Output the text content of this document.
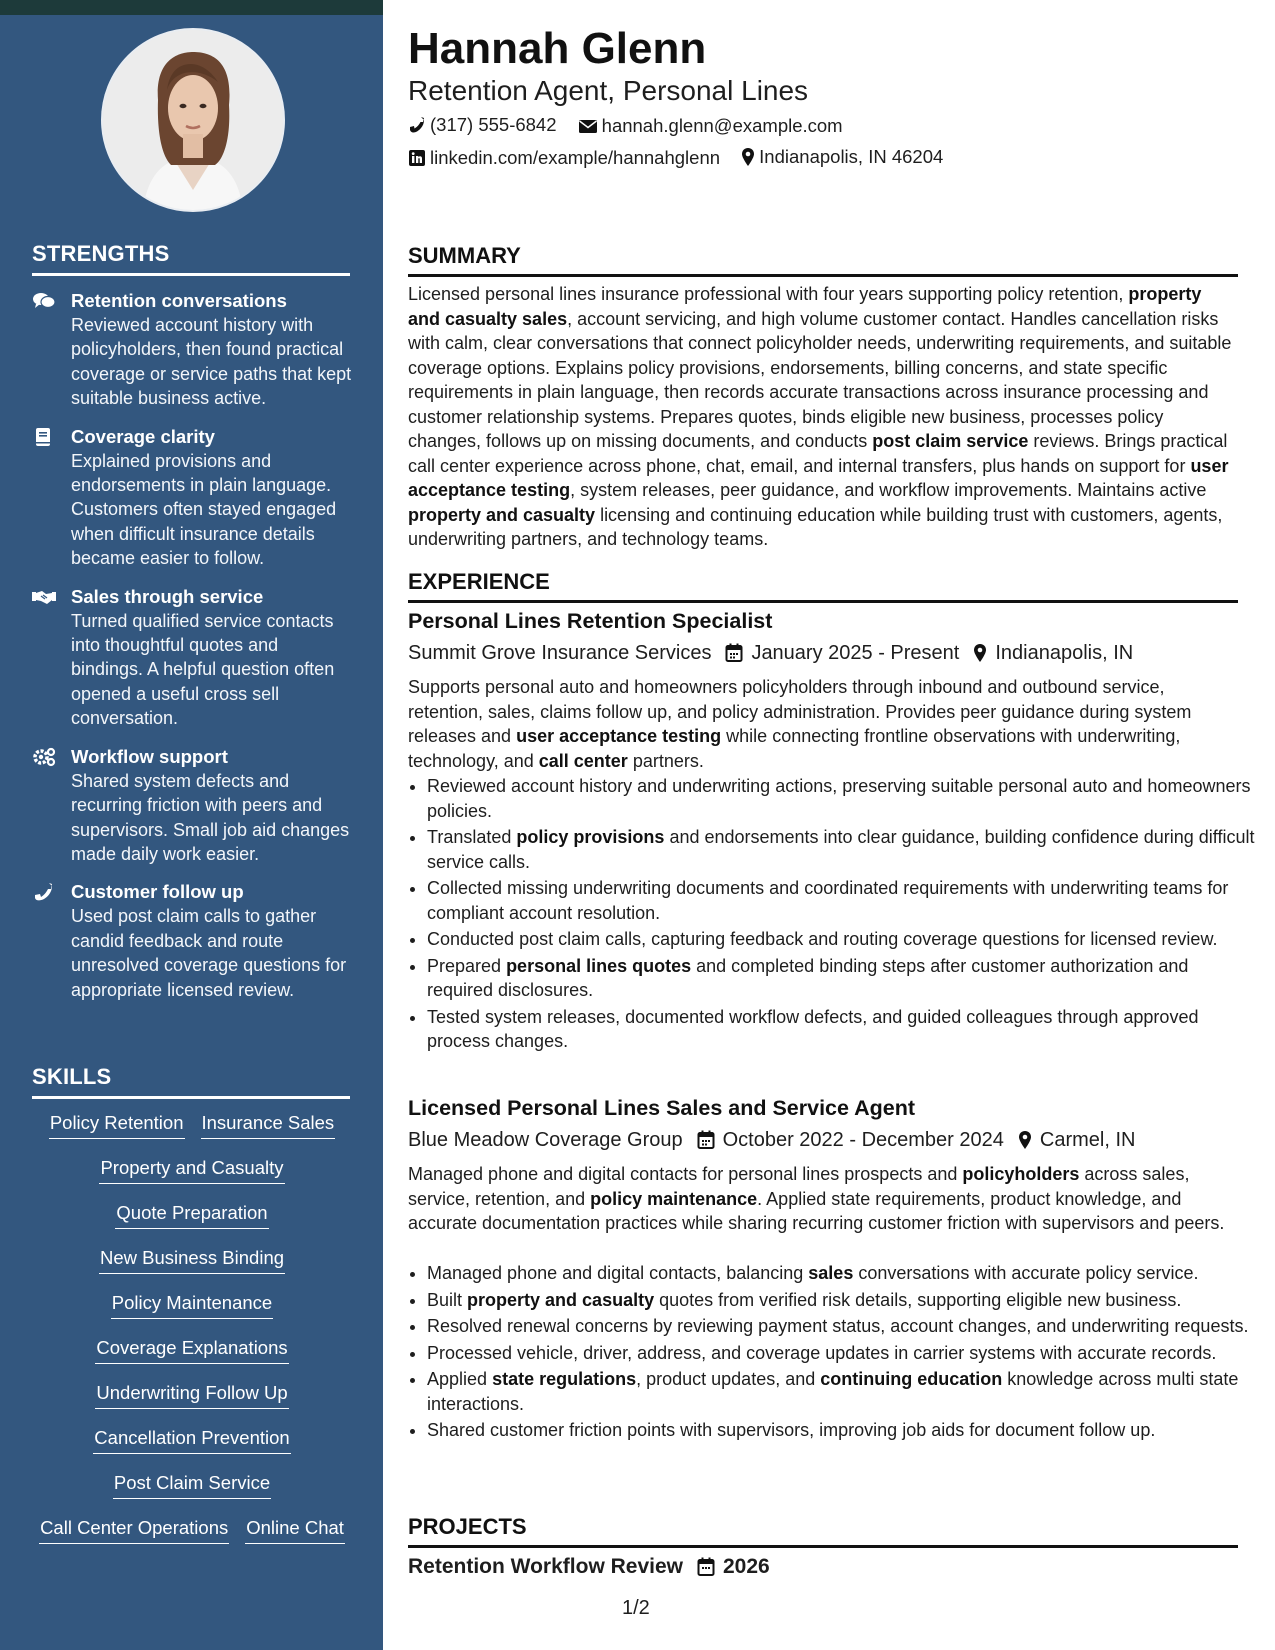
STRENGTHS
Retention conversations
Reviewed account history with policyholders, then found practical coverage or service paths that kept suitable business active.
Coverage clarity
Explained provisions and endorsements in plain language. Customers often stayed engaged when difficult insurance details became easier to follow.
Sales through service
Turned qualified service contacts into thoughtful quotes and bindings. A helpful question often opened a useful cross sell conversation.
Workflow support
Shared system defects and recurring friction with peers and supervisors. Small job aid changes made daily work easier.
Customer follow up
Used post claim calls to gather candid feedback and route unresolved coverage questions for appropriate licensed review.
SKILLS
Policy Retention Insurance Sales
Property and Casualty
Quote Preparation
New Business Binding
Policy Maintenance
Coverage Explanations
Underwriting Follow Up
Cancellation Prevention
Post Claim Service
Call Center Operations Online Chat
Hannah Glenn
Retention Agent, Personal Lines
(317) 555-6842
hannah.glenn@example.com
linkedin.com/example/hannahglenn
Indianapolis, IN 46204
SUMMARY
Licensed personal lines insurance professional with four years supporting policy retention, property and casualty sales, account servicing, and high volume customer contact. Handles cancellation risks with calm, clear conversations that connect policyholder needs, underwriting requirements, and suitable coverage options. Explains policy provisions, endorsements, billing concerns, and state specific requirements in plain language, then records accurate transactions across insurance processing and customer relationship systems. Prepares quotes, binds eligible new business, processes policy changes, follows up on missing documents, and conducts post claim service reviews. Brings practical call center experience across phone, chat, email, and internal transfers, plus hands on support for user acceptance testing, system releases, peer guidance, and workflow improvements. Maintains active property and casualty licensing and continuing education while building trust with customers, agents, underwriting partners, and technology teams.
EXPERIENCE
Personal Lines Retention Specialist
Summit Grove Insurance Services January 2025 - Present Indianapolis, IN
Supports personal auto and homeowners policyholders through inbound and outbound service, retention, sales, claims follow up, and policy administration. Provides peer guidance during system releases and user acceptance testing while connecting frontline observations with underwriting, technology, and call center partners.
• Reviewed account history and underwriting actions, preserving suitable personal auto and homeowners policies.
• Translated policy provisions and endorsements into clear guidance, building confidence during difficult service calls.
• Collected missing underwriting documents and coordinated requirements with underwriting teams for compliant account resolution.
• Conducted post claim calls, capturing feedback and routing coverage questions for licensed review.
• Prepared personal lines quotes and completed binding steps after customer authorization and required disclosures.
• Tested system releases, documented workflow defects, and guided colleagues through approved process changes.
Licensed Personal Lines Sales and Service Agent
Blue Meadow Coverage Group October 2022 - December 2024 Carmel, IN
Managed phone and digital contacts for personal lines prospects and policyholders across sales, service, retention, and policy maintenance. Applied state requirements, product knowledge, and accurate documentation practices while sharing recurring customer friction with supervisors and peers.
• Managed phone and digital contacts, balancing sales conversations with accurate policy service.
• Built property and casualty quotes from verified risk details, supporting eligible new business.
• Resolved renewal concerns by reviewing payment status, account changes, and underwriting requests.
• Processed vehicle, driver, address, and coverage updates in carrier systems with accurate records.
• Applied state regulations, product updates, and continuing education knowledge across multi state interactions.
• Shared customer friction points with supervisors, improving job aids for document follow up.
PROJECTS
Retention Workflow Review 2026
1/2
